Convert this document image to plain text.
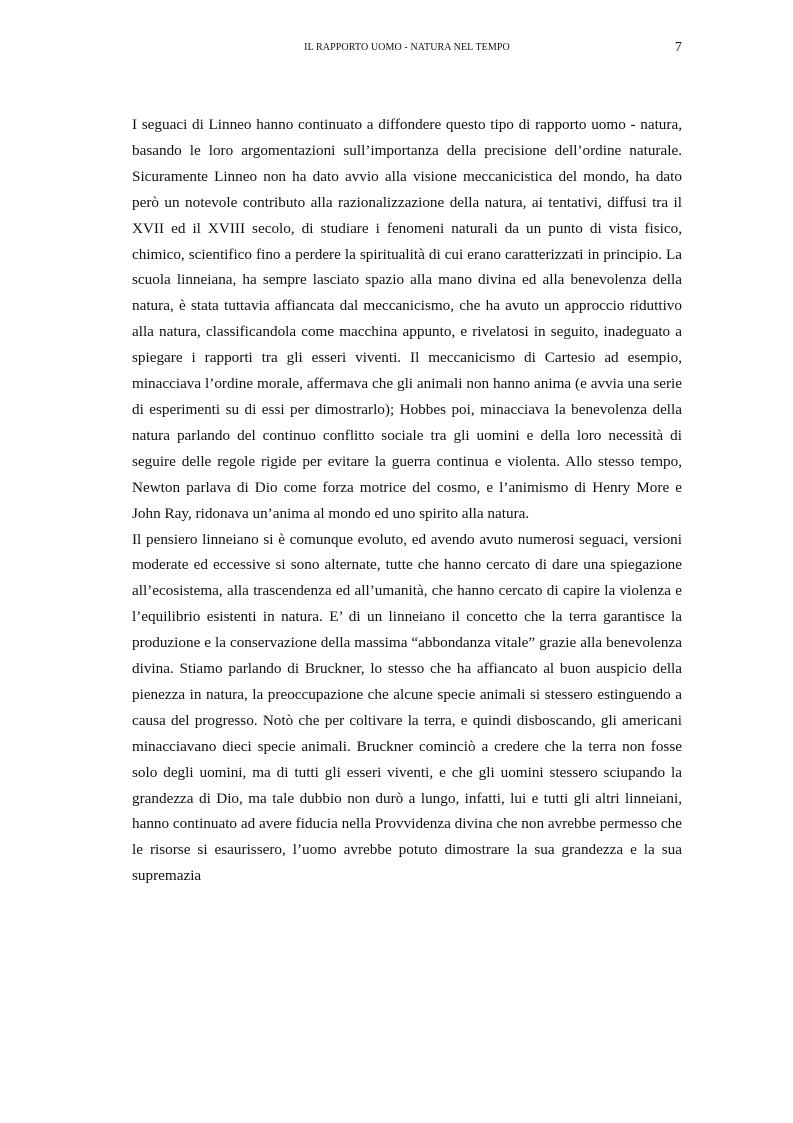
IL RAPPORTO UOMO - NATURA NEL TEMPO	7

I seguaci di Linneo hanno continuato a diffondere questo tipo di rapporto uomo - natura, basando le loro argomentazioni sull’importanza della precisione dell’ordine naturale. Sicuramente Linneo non ha dato avvio alla visione meccanicistica del mondo, ha dato però un notevole contributo alla razionalizzazione della natura, ai tentativi, diffusi tra il XVII ed il XVIII secolo, di studiare i fenomeni naturali da un punto di vista fisico, chimico, scientifico fino a perdere la spiritualità di cui erano caratterizzati in principio. La scuola linneiana, ha sempre lasciato spazio alla mano divina ed alla benevolenza della natura, è stata tuttavia affiancata dal meccanicismo, che ha avuto un approccio riduttivo alla natura, classificandola come macchina appunto, e rivelatosi in seguito, inadeguato a spiegare i rapporti tra gli esseri viventi. Il meccanicismo di Cartesio ad esempio, minacciava l’ordine morale, affermava che gli animali non hanno anima (e avvia una serie di esperimenti su di essi per dimostrarlo); Hobbes poi, minacciava la benevolenza della natura parlando del continuo conflitto sociale tra gli uomini e della loro necessità di seguire delle regole rigide per evitare la guerra continua e violenta. Allo stesso tempo, Newton parlava di Dio come forza motrice del cosmo, e l’animismo di Henry More e John Ray, ridonava un’anima al mondo ed uno spirito alla natura.

Il pensiero linneiano si è comunque evoluto, ed avendo avuto numerosi seguaci, versioni moderate ed eccessive si sono alternate, tutte che hanno cercato di dare una spiegazione all’ecosistema, alla trascendenza ed all’umanità, che hanno cercato di capire la violenza e l’equilibrio esistenti in natura. E’ di un linneiano il concetto che la terra garantisce la produzione e la conservazione della massima “abbondanza vitale” grazie alla benevolenza divina. Stiamo parlando di Bruckner, lo stesso che ha affiancato al buon auspicio della pienezza in natura, la preoccupazione che alcune specie animali si stessero estinguendo a causa del progresso. Notò che per coltivare la terra, e quindi disboscando, gli americani minacciavano dieci specie animali. Bruckner cominciò a credere che la terra non fosse solo degli uomini, ma di tutti gli esseri viventi, e che gli uomini stessero sciupando la grandezza di Dio, ma tale dubbio non durò a lungo, infatti, lui e tutti gli altri linneiani, hanno continuato ad avere fiducia nella Provvidenza divina che non avrebbe permesso che le risorse si esaurissero, l’uomo avrebbe potuto dimostrare la sua grandezza e la sua supremazia
